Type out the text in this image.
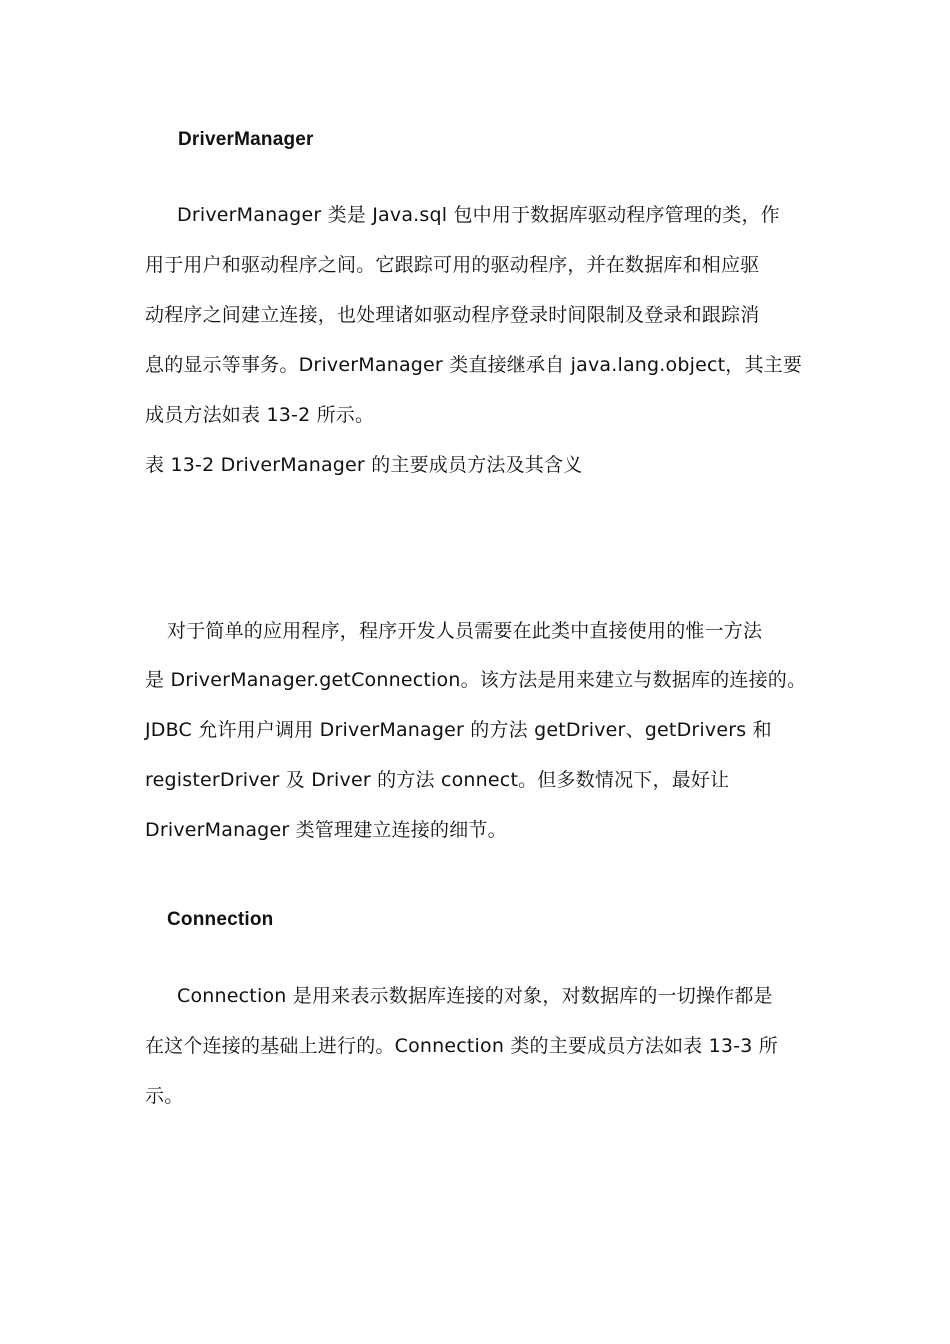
DriverManager
DriverManager 类是 Java.sql 包中用于数据库驱动程序管理的类，作
用于用户和驱动程序之间。它跟踪可用的驱动程序，并在数据库和相应驱
动程序之间建立连接，也处理诸如驱动程序登录时间限制及登录和跟踪消
息的显示等事务。DriverManager 类直接继承自 java.lang.object，其主要
成员方法如表 13-2 所示。
表 13-2 DriverManager 的主要成员方法及其含义
对于简单的应用程序，程序开发人员需要在此类中直接使用的惟一方法
是 DriverManager.getConnection。该方法是用来建立与数据库的连接的。
JDBC 允许用户调用 DriverManager 的方法 getDriver、getDrivers 和
registerDriver 及 Driver 的方法 connect。但多数情况下，最好让
DriverManager 类管理建立连接的细节。
Connection
Connection 是用来表示数据库连接的对象，对数据库的一切操作都是
在这个连接的基础上进行的。Connection 类的主要成员方法如表 13-3 所
示。
